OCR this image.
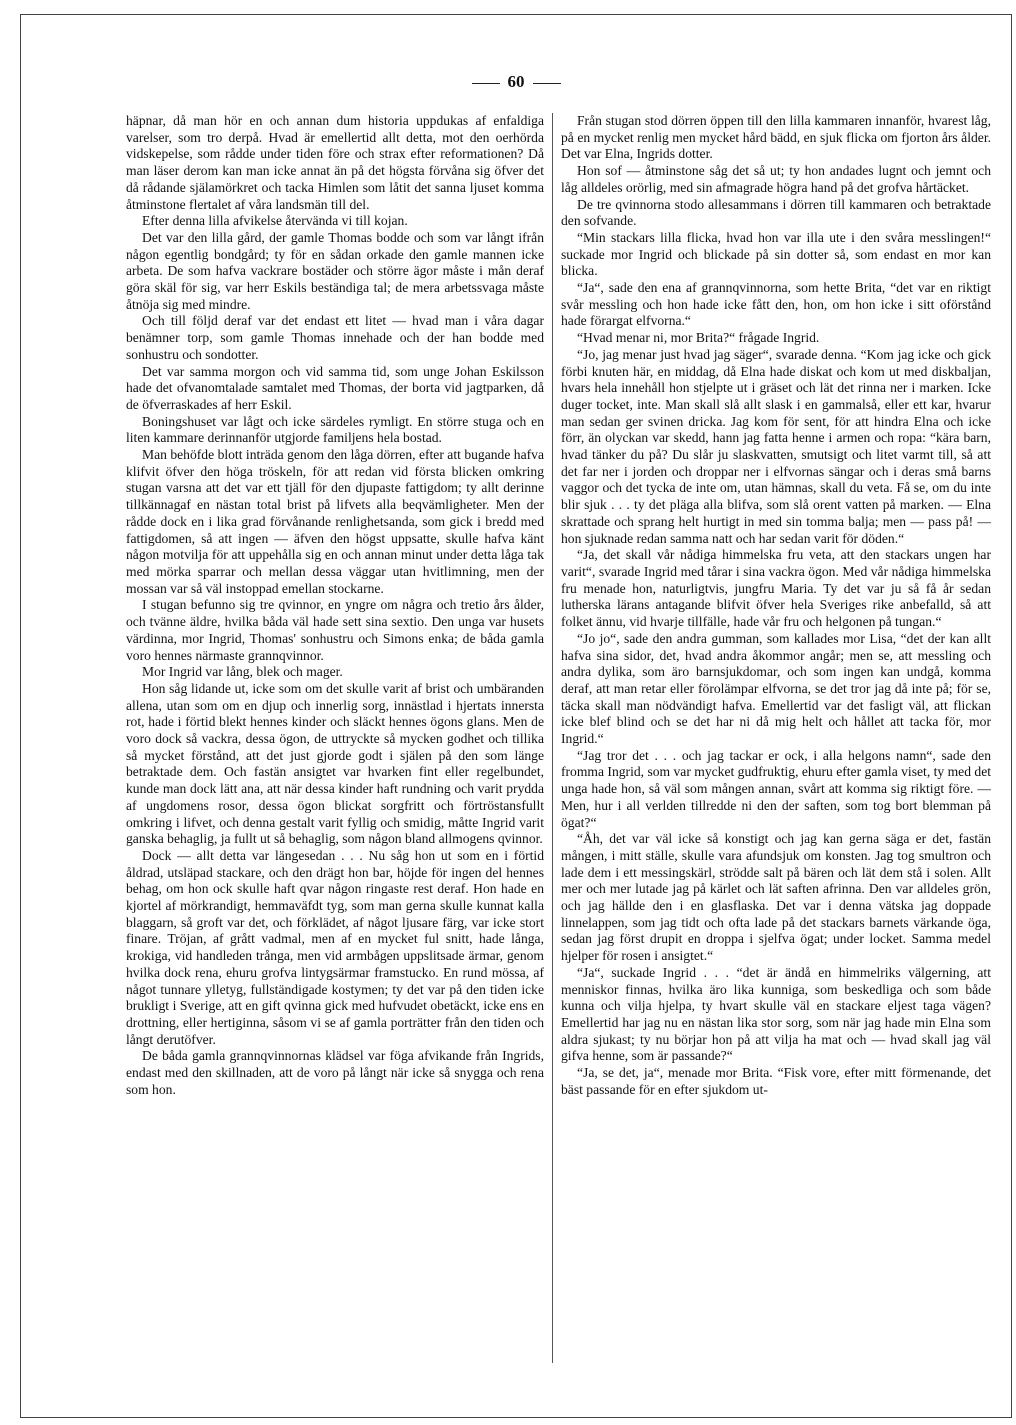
60

häpnar, då man hör en och annan dum historia uppdukas af enfaldiga varelser, som tro derpå. Hvad är emellertid allt detta, mot den oerhörda vidskepelse, som rådde under tiden före och strax efter reformationen? Då man läser derom kan man icke annat än på det högsta förvåna sig öfver det då rådande själamörkret och tacka Himlen som låtit det sanna ljuset komma åtminstone flertalet af våra landsmän till del.

Efter denna lilla afvikelse återvända vi till kojan.

Det var den lilla gård, der gamle Thomas bodde och som var långt ifrån någon egentlig bondgård; ty för en sådan orkade den gamle mannen icke arbeta. De som hafva vackrare bostäder och större ägor måste i mån deraf göra skäl för sig, var herr Eskils beständiga tal; de mera arbetssvaga måste åtnöja sig med mindre.

Och till följd deraf var det endast ett litet — hvad man i våra dagar benämner torp, som gamle Thomas innehade och der han bodde med sonhustru och sondotter.

Det var samma morgon och vid samma tid, som unge Johan Eskilsson hade det ofvanomtalade samtalet med Thomas, der borta vid jagtparken, då de öfverraskades af herr Eskil.

Boningshuset var lågt och icke särdeles rymligt. En större stuga och en liten kammare derinnanför utgjorde familjens hela bostad.

Man behöfde blott inträda genom den låga dörren, efter att bugande hafva klifvit öfver den höga tröskeln, för att redan vid första blicken omkring stugan varsna att det var ett tjäll för den djupaste fattigdom; ty allt derinne tillkännagaf en nästan total brist på lifvets alla beqvämligheter. Men der rådde dock en i lika grad förvånande renlighetsanda, som gick i bredd med fattigdomen, så att ingen — äfven den högst uppsatte, skulle hafva känt någon motvilja för att uppehålla sig en och annan minut under detta låga tak med mörka sparrar och mellan dessa väggar utan hvitlimning, men der mossan var så väl instoppad emellan stockarne.

I stugan befunno sig tre qvinnor, en yngre om några och tretio års ålder, och tvänne äldre, hvilka båda väl hade sett sina sextio. Den unga var husets värdinna, mor Ingrid, Thomas' sonhustru och Simons enka; de båda gamla voro hennes närmaste grannqvinnor.

Mor Ingrid var lång, blek och mager.

Hon såg lidande ut, icke som om det skulle varit af brist och umbäranden allena, utan som om en djup och innerlig sorg, innästlad i hjertats innersta rot, hade i förtid blekt hennes kinder och släckt hennes ögons glans. Men de voro dock så vackra, dessa ögon, de uttryckte så mycken godhet och tillika så mycket förstånd, att det just gjorde godt i själen på den som länge betraktade dem. Och fastän ansigtet var hvarken fint eller regelbundet, kunde man dock lätt ana, att när dessa kinder haft rundning och varit prydda af ungdomens rosor, dessa ögon blickat sorgfritt och förtröstansfullt omkring i lifvet, och denna gestalt varit fyllig och smidig, måtte Ingrid varit ganska behaglig, ja fullt ut så behaglig, som någon bland allmogens qvinnor.

Dock — allt detta var längesedan . . . Nu såg hon ut som en i förtid åldrad, utsläpad stackare, och den drägt hon bar, höjde för ingen del hennes behag, om hon ock skulle haft qvar någon ringaste rest deraf. Hon hade en kjortel af mörkrandigt, hemmaväfdt tyg, som man gerna skulle kunnat kalla blaggarn, så groft var det, och förklädet, af något ljusare färg, var icke stort finare. Tröjan, af grått vadmal, men af en mycket ful snitt, hade långa, krokiga, vid handleden trånga, men vid armbågen uppslitsade ärmar, genom hvilka dock rena, ehuru grofva lintygsärmar framstucko. En rund mössa, af något tunnare ylletyg, fullständigade kostymen; ty det var på den tiden icke brukligt i Sverige, att en gift qvinna gick med hufvudet obetäckt, icke ens en drottning, eller hertiginna, såsom vi se af gamla porträtter från den tiden och långt derutöfver.

De båda gamla grannqvinnornas klädsel var föga afvikande från Ingrids, endast med den skillnaden, att de voro på långt när icke så snygga och rena som hon.

Från stugan stod dörren öppen till den lilla kammaren innanför, hvarest låg, på en mycket renlig men mycket hård bädd, en sjuk flicka om fjorton års ålder. Det var Elna, Ingrids dotter.

Hon sof — åtminstone såg det så ut; ty hon andades lugnt och jemnt och låg alldeles orörlig, med sin afmagrade högra hand på det grofva hårtäcket.

De tre qvinnorna stodo allesammans i dörren till kammaren och betraktade den sofvande.

“Min stackars lilla flicka, hvad hon var illa ute i den svåra messlingen!“ suckade mor Ingrid och blickade på sin dotter så, som endast en mor kan blicka.

“Ja“, sade den ena af grannqvinnorna, som hette Brita, “det var en riktigt svår messling och hon hade icke fått den, hon, om hon icke i sitt oförstånd hade förargat elfvorna.“

“Hvad menar ni, mor Brita?“ frågade Ingrid.

“Jo, jag menar just hvad jag säger“, svarade denna. “Kom jag icke och gick förbi knuten här, en middag, då Elna hade diskat och kom ut med diskbaljan, hvars hela innehåll hon stjelpte ut i gräset och lät det rinna ner i marken. Icke duger tocket, inte. Man skall slå allt slask i en gammalså, eller ett kar, hvarur man sedan ger svinen dricka. Jag kom för sent, för att hindra Elna och icke förr, än olyckan var skedd, hann jag fatta henne i armen och ropa: “kära barn, hvad tänker du på? Du slår ju slaskvatten, smutsigt och litet varmt till, så att det far ner i jorden och droppar ner i elfvornas sängar och i deras små barns vaggor och det tycka de inte om, utan hämnas, skall du veta. Få se, om du inte blir sjuk . . . ty det pläga alla blifva, som slå orent vatten på marken. — Elna skrattade och sprang helt hurtigt in med sin tomma balja; men — pass på! — hon sjuknade redan samma natt och har sedan varit för döden.“

“Ja, det skall vår nådiga himmelska fru veta, att den stackars ungen har varit“, svarade Ingrid med tårar i sina vackra ögon. Med vår nådiga himmelska fru menade hon, naturligtvis, jungfru Maria. Ty det var ju så få år sedan lutherska lärans antagande blifvit öfver hela Sveriges rike anbefalld, så att folket ännu, vid hvarje tillfälle, hade vår fru och helgonen på tungan.“

“Jo jo“, sade den andra gumman, som kallades mor Lisa, “det der kan allt hafva sina sidor, det, hvad andra åkommor angår; men se, att messling och andra dylika, som äro barnsjukdomar, och som ingen kan undgå, komma deraf, att man retar eller förolämpar elfvorna, se det tror jag då inte på; för se, täcka skall man nödvändigt hafva. Emellertid var det fasligt väl, att flickan icke blef blind och se det har ni då mig helt och hållet att tacka för, mor Ingrid.“

“Jag tror det . . . och jag tackar er ock, i alla helgons namn“, sade den fromma Ingrid, som var mycket gudfruktig, ehuru efter gamla viset, ty med det unga hade hon, så väl som mången annan, svårt att komma sig riktigt före. — Men, hur i all verlden tillredde ni den der saften, som tog bort blemman på ögat?“

“Åh, det var väl icke så konstigt och jag kan gerna säga er det, fastän mången, i mitt ställe, skulle vara afundsjuk om konsten. Jag tog smultron och lade dem i ett messingskärl, strödde salt på bären och lät dem stå i solen. Allt mer och mer lutade jag på kärlet och lät saften afrinna. Den var alldeles grön, och jag hällde den i en glasflaska. Det var i denna vätska jag doppade linnelappen, som jag tidt och ofta lade på det stackars barnets värkande öga, sedan jag först drupit en droppa i sjelfva ögat; under locket. Samma medel hjelper för rosen i ansigtet.“

“Ja“, suckade Ingrid . . . “det är ändå en himmelriks välgerning, att menniskor finnas, hvilka äro lika kunniga, som beskedliga och som både kunna och vilja hjelpa, ty hvart skulle väl en stackare eljest taga vägen? Emellertid har jag nu en nästan lika stor sorg, som när jag hade min Elna som aldra sjukast; ty nu börjar hon på att vilja ha mat och — hvad skall jag väl gifva henne, som är passande?“

“Ja, se det, ja“, menade mor Brita. “Fisk vore, efter mitt förmenande, det bäst passande för en efter sjukdom ut-
